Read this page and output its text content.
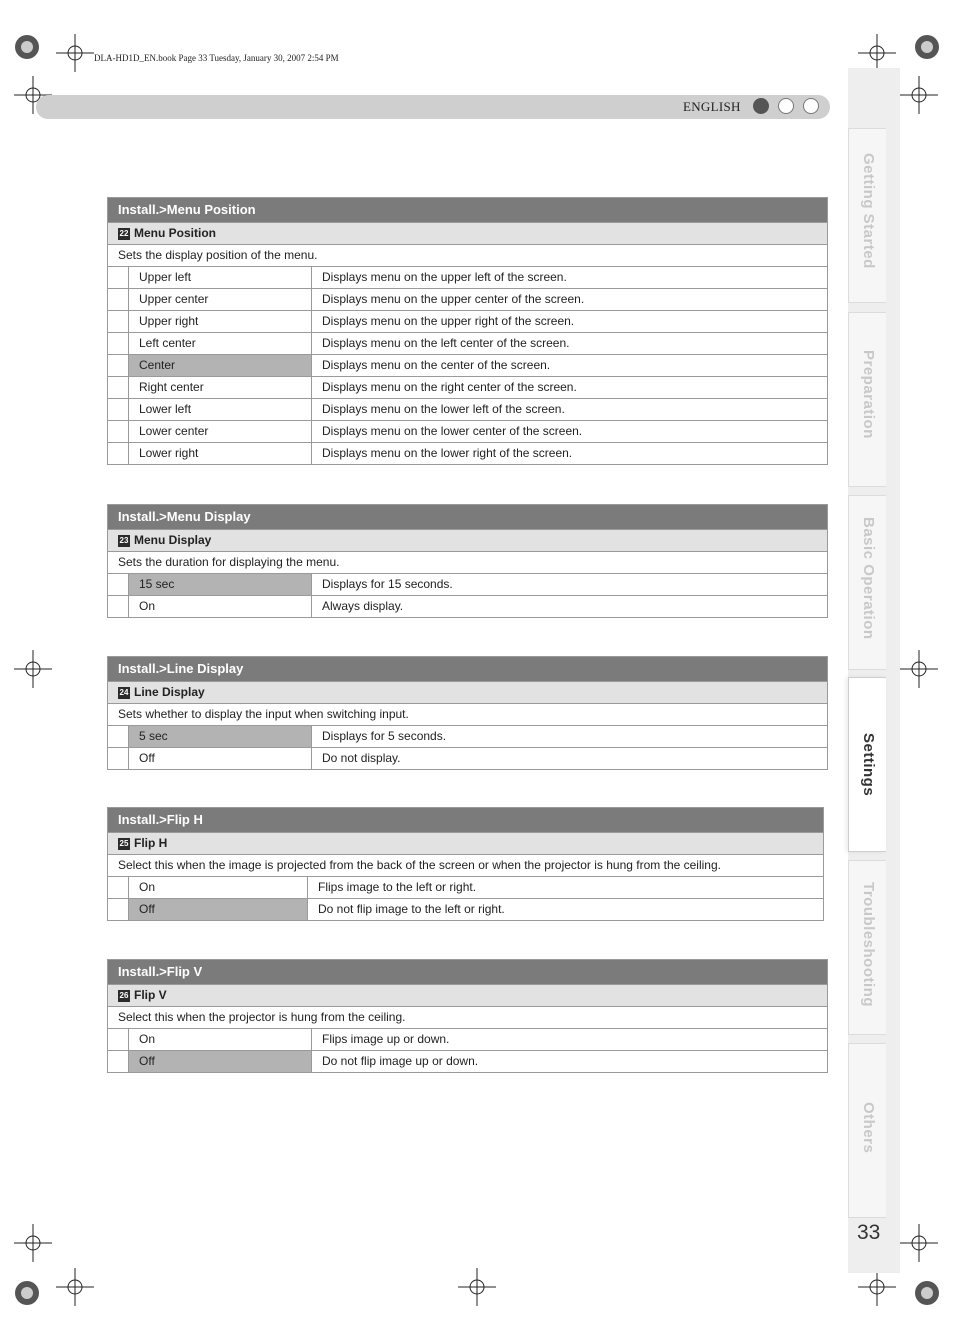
DLA-HD1D_EN.book Page 33 Tuesday, January 30, 2007 2:54 PM
ENGLISH
Getting Started
Preparation
Basic Operation
Settings
Troubleshooting
Others
33
Install.>Menu Position
22 Menu Position
Sets the display position of the menu.
Upper left	Displays menu on the upper left of the screen.
Upper center	Displays menu on the upper center of the screen.
Upper right	Displays menu on the upper right of the screen.
Left center	Displays menu on the left center of the screen.
Center	Displays menu on the center of the screen.
Right center	Displays menu on the right center of the screen.
Lower left	Displays menu on the lower left of the screen.
Lower center	Displays menu on the lower center of the screen.
Lower right	Displays menu on the lower right of the screen.
Install.>Menu Display
23 Menu Display
Sets the duration for displaying the menu.
15 sec	Displays for 15 seconds.
On	Always display.
Install.>Line Display
24 Line Display
Sets whether to display the input when switching input.
5 sec	Displays for 5 seconds.
Off	Do not display.
Install.>Flip H
25 Flip H
Select this when the image is projected from the back of the screen or when the projector is hung from the ceiling.
On	Flips image to the left or right.
Off	Do not flip image to the left or right.
Install.>Flip V
26 Flip V
Select this when the projector is hung from the ceiling.
On	Flips image up or down.
Off	Do not flip image up or down.
